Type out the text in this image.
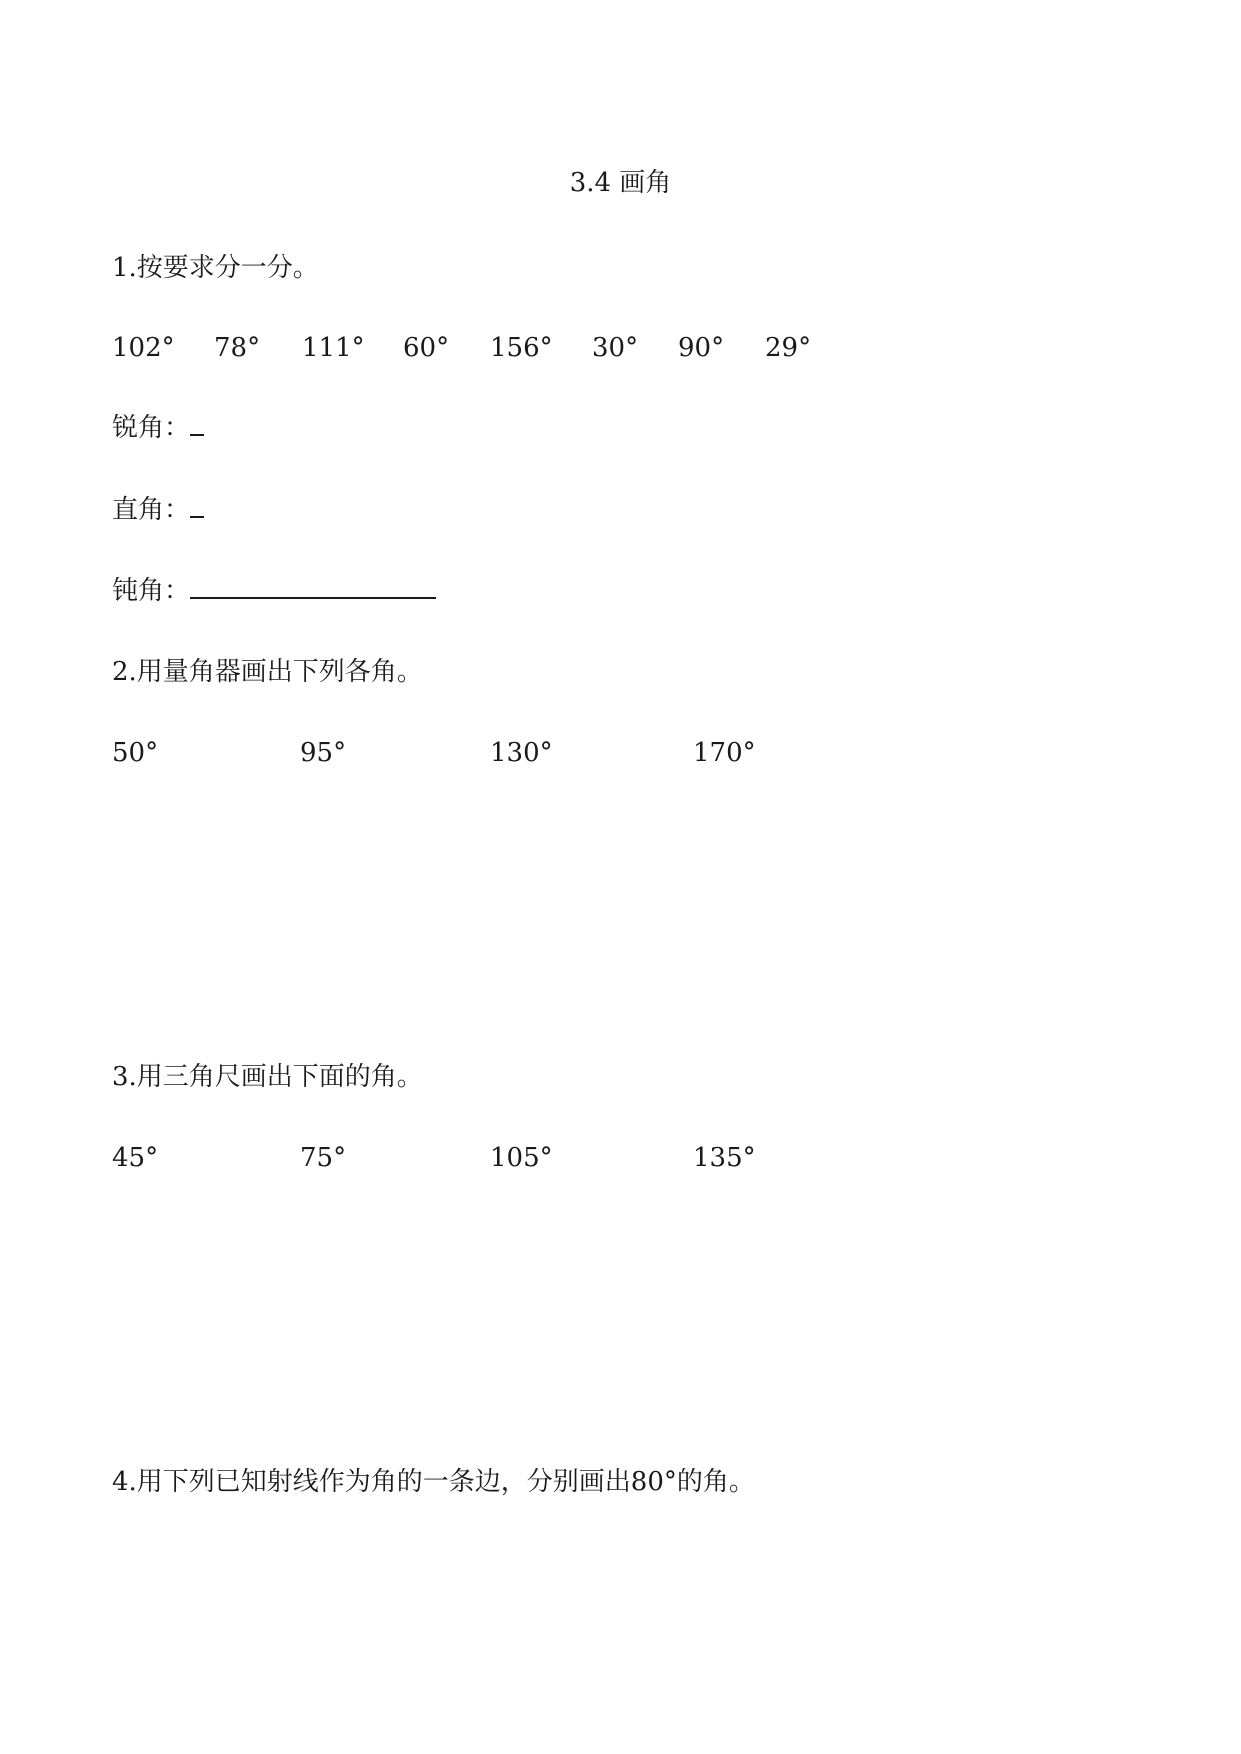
3.4 画角
1.按要求分一分。
102° 78° 111° 60° 156° 30° 90° 29°
锐角：
直角：
钝角：
2.用量角器画出下列各角。
50°	95°	130°	170°
3.用三角尺画出下面的角。
45°	75°	105°	135°
4.用下列已知射线作为角的一条边，分别画出80°的角。
